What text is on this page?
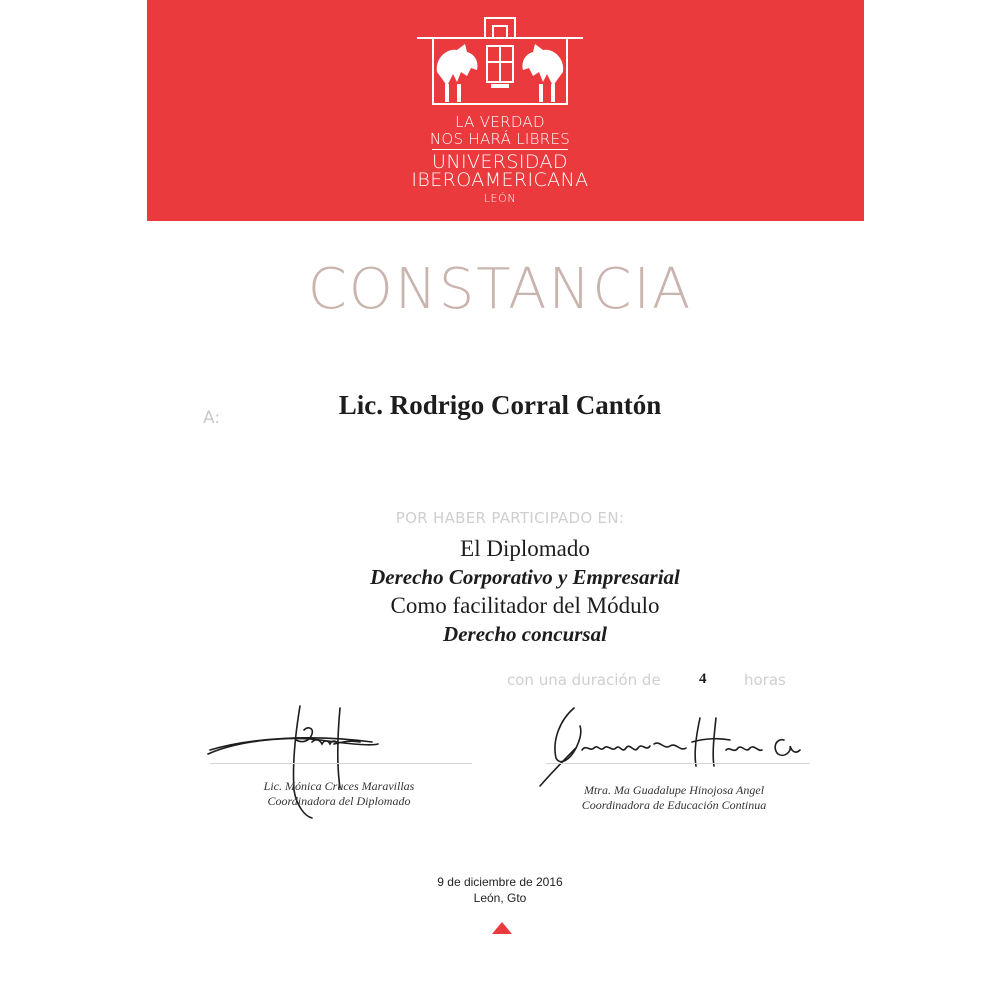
LA VERDAD
NOS HARÁ LIBRES
UNIVERSIDAD
IBEROAMERICANA
LEÓN
CONSTANCIA
A:	Lic. Rodrigo Corral Cantón
POR HABER PARTICIPADO EN:
El Diplomado
Derecho Corporativo y Empresarial
Como facilitador del Módulo
Derecho concursal
con una duración de	4	horas
Lic. Mónica Cruces Maravillas
Coordinadora del Diplomado
Mtra. Ma Guadalupe Hinojosa Angel
Coordinadora de Educación Continua
9 de diciembre de 2016
León, Gto
